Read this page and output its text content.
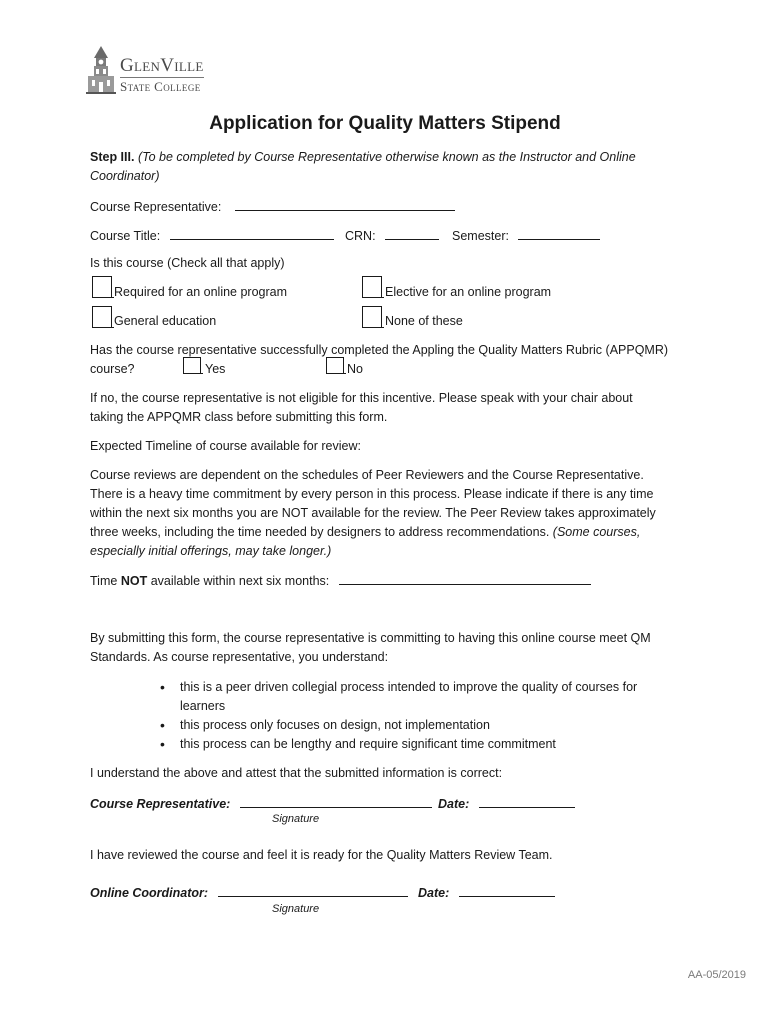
GlenVille
State College
Application for Quality Matters Stipend
Step III. (To be completed by Course Representative otherwise known as the Instructor and Online Coordinator)
Course Representative:
Course Title:	CRN:	Semester:
Is this course (Check all that apply)
Required for an online program	Elective for an online program
General education	None of these
Has the course representative successfully completed the Appling the Quality Matters Rubric (APPQMR)
course?	Yes	No
If no, the course representative is not eligible for this incentive. Please speak with your chair about taking the APPQMR class before submitting this form.
Expected Timeline of course available for review:
Course reviews are dependent on the schedules of Peer Reviewers and the Course Representative. There is a heavy time commitment by every person in this process. Please indicate if there is any time within the next six months you are NOT available for the review. The Peer Review takes approximately three weeks, including the time needed by designers to address recommendations. (Some courses, especially initial offerings, may take longer.)
Time NOT available within next six months:
By submitting this form, the course representative is committing to having this online course meet QM Standards. As course representative, you understand:
• this is a peer driven collegial process intended to improve the quality of courses for learners
• this process only focuses on design, not implementation
• this process can be lengthy and require significant time commitment
I understand the above and attest that the submitted information is correct:
Course Representative:	Date:
Signature
I have reviewed the course and feel it is ready for the Quality Matters Review Team.
Online Coordinator:	Date:
Signature
AA-05/2019
